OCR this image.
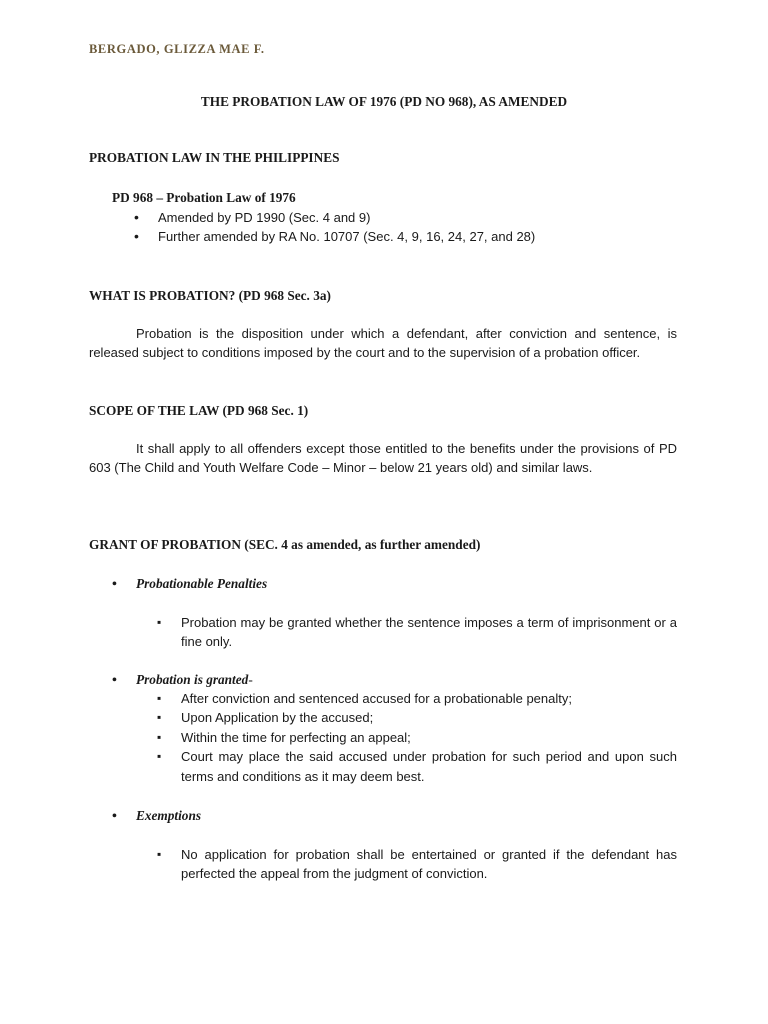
BERGADO, GLIZZA MAE F.
THE PROBATION LAW OF 1976 (PD NO 968), AS AMENDED
PROBATION LAW IN THE PHILIPPINES
PD 968 – Probation Law of 1976
• Amended by PD 1990 (Sec. 4 and 9)
• Further amended by RA No. 10707 (Sec. 4, 9, 16, 24, 27, and 28)
WHAT IS PROBATION? (PD 968 Sec. 3a)

Probation is the disposition under which a defendant, after conviction and sentence, is released subject to conditions imposed by the court and to the supervision of a probation officer.

SCOPE OF THE LAW (PD 968 Sec. 1)

It shall apply to all offenders except those entitled to the benefits under the provisions of PD 603 (The Child and Youth Welfare Code – Minor – below 21 years old) and similar laws.

GRANT OF PROBATION (SEC. 4 as amended, as further amended)
• Probationable Penalties
▪ Probation may be granted whether the sentence imposes a term of imprisonment or a fine only.
• Probation is granted-
▪ After conviction and sentenced accused for a probationable penalty;
▪ Upon Application by the accused;
▪ Within the time for perfecting an appeal;
▪ Court may place the said accused under probation for such period and upon such terms and conditions as it may deem best.
• Exemptions
▪ No application for probation shall be entertained or granted if the defendant has perfected the appeal from the judgment of conviction.
